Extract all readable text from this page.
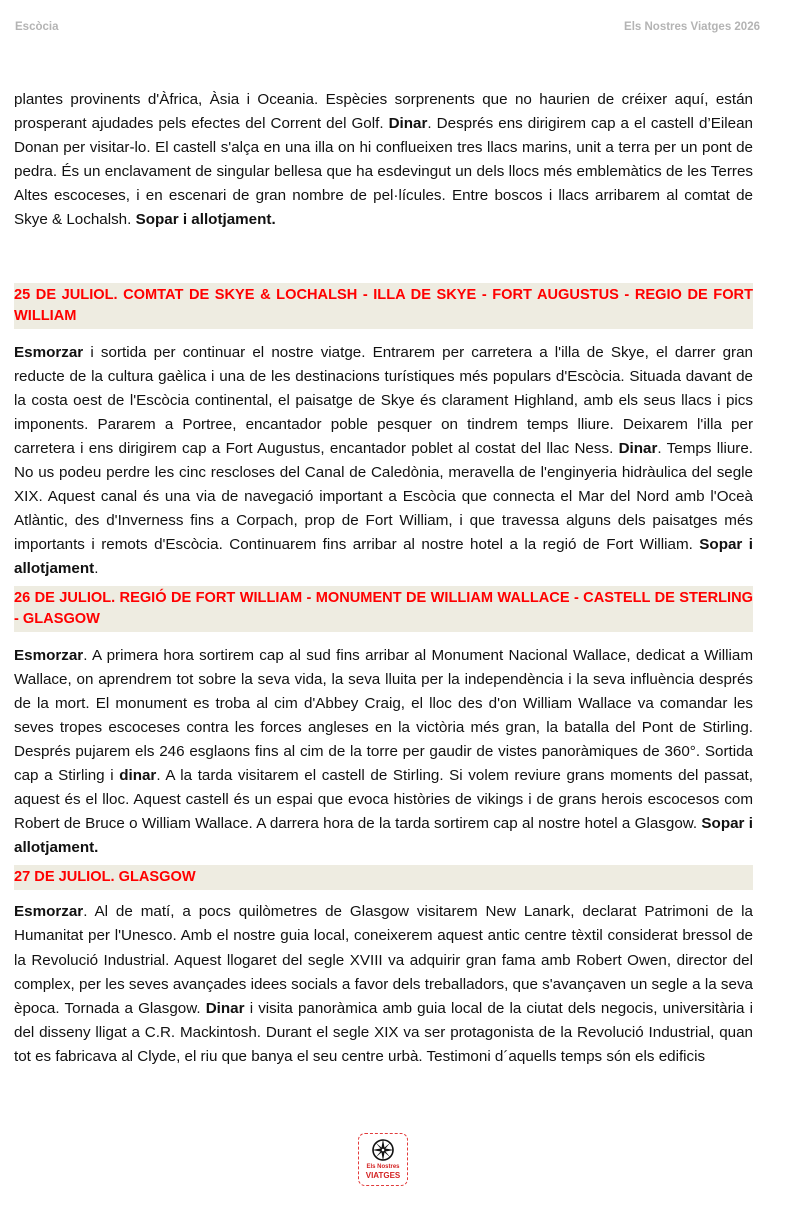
Escòcia	Els Nostres Viatges 2026

plantes provinents d'Àfrica, Àsia i Oceania. Espècies sorprenents que no haurien de créixer aquí, están prosperant ajudades pels efectes del Corrent del Golf. Dinar. Després ens dirigirem cap a el castell d’Eilean Donan per visitar-lo. El castell s'alça en una illa on hi conflueixen tres llacs marins, unit a terra per un pont de pedra. És un enclavament de singular bellesa que ha esdevingut un dels llocs més emblemàtics de les Terres Altes escoceses, i en escenari de gran nombre de pel·lícules. Entre boscos i llacs arribarem al comtat de Skye & Lochalsh. Sopar i allotjament.

25 DE JULIOL. COMTAT DE SKYE & LOCHALSH - ILLA DE SKYE - FORT AUGUSTUS - REGIO DE FORT WILLIAM

Esmorzar i sortida per continuar el nostre viatge. Entrarem per carretera a l'illa de Skye, el darrer gran reducte de la cultura gaèlica i una de les destinacions turístiques més populars d'Escòcia. Situada davant de la costa oest de l'Escòcia continental, el paisatge de Skye és clarament Highland, amb els seus llacs i pics imponents. Pararem a Portree, encantador poble pesquer on tindrem temps lliure. Deixarem l'illa per carretera i ens dirigirem cap a Fort Augustus, encantador poblet al costat del llac Ness. Dinar. Temps lliure. No us podeu perdre les cinc rescloses del Canal de Caledònia, meravella de l'enginyeria hidràulica del segle XIX. Aquest canal és una via de navegació important a Escòcia que connecta el Mar del Nord amb l'Oceà Atlàntic, des d'Inverness fins a Corpach, prop de Fort William, i que travessa alguns dels paisatges més importants i remots d'Escòcia. Continuarem fins arribar al nostre hotel a la regió de Fort William. Sopar i allotjament.

26 DE JULIOL. REGIÓ DE FORT WILLIAM - MONUMENT DE WILLIAM WALLACE - CASTELL DE STERLING - GLASGOW

Esmorzar. A primera hora sortirem cap al sud fins arribar al Monument Nacional Wallace, dedicat a William Wallace, on aprendrem tot sobre la seva vida, la seva lluita per la independència i la seva influència després de la mort. El monument es troba al cim d'Abbey Craig, el lloc des d'on William Wallace va comandar les seves tropes escoceses contra les forces angleses en la victòria més gran, la batalla del Pont de Stirling. Després pujarem els 246 esglaons fins al cim de la torre per gaudir de vistes panoràmiques de 360°. Sortida cap a Stirling i dinar. A la tarda visitarem el castell de Stirling. Si volem reviure grans moments del passat, aquest és el lloc. Aquest castell és un espai que evoca històries de vikings i de grans herois escocesos com Robert de Bruce o William Wallace. A darrera hora de la tarda sortirem cap al nostre hotel a Glasgow. Sopar i allotjament.

27 DE JULIOL. GLASGOW

Esmorzar. Al de matí, a pocs quilòmetres de Glasgow visitarem New Lanark, declarat Patrimoni de la Humanitat per l'Unesco. Amb el nostre guia local, coneixerem aquest antic centre tèxtil considerat bressol de la Revolució Industrial. Aquest llogaret del segle XVIII va adquirir gran fama amb Robert Owen, director del complex, per les seves avançades idees socials a favor dels treballadors, que s'avançaven un segle a la seva època. Tornada a Glasgow. Dinar i visita panoràmica amb guia local de la ciutat dels negocis, universitària i del disseny lligat a C.R. Mackintosh. Durant el segle XIX va ser protagonista de la Revolució Industrial, quan tot es fabricava al Clyde, el riu que banya el seu centre urbà. Testimoni d´aquells temps són els edificis

Els Nostres
VIATGES
